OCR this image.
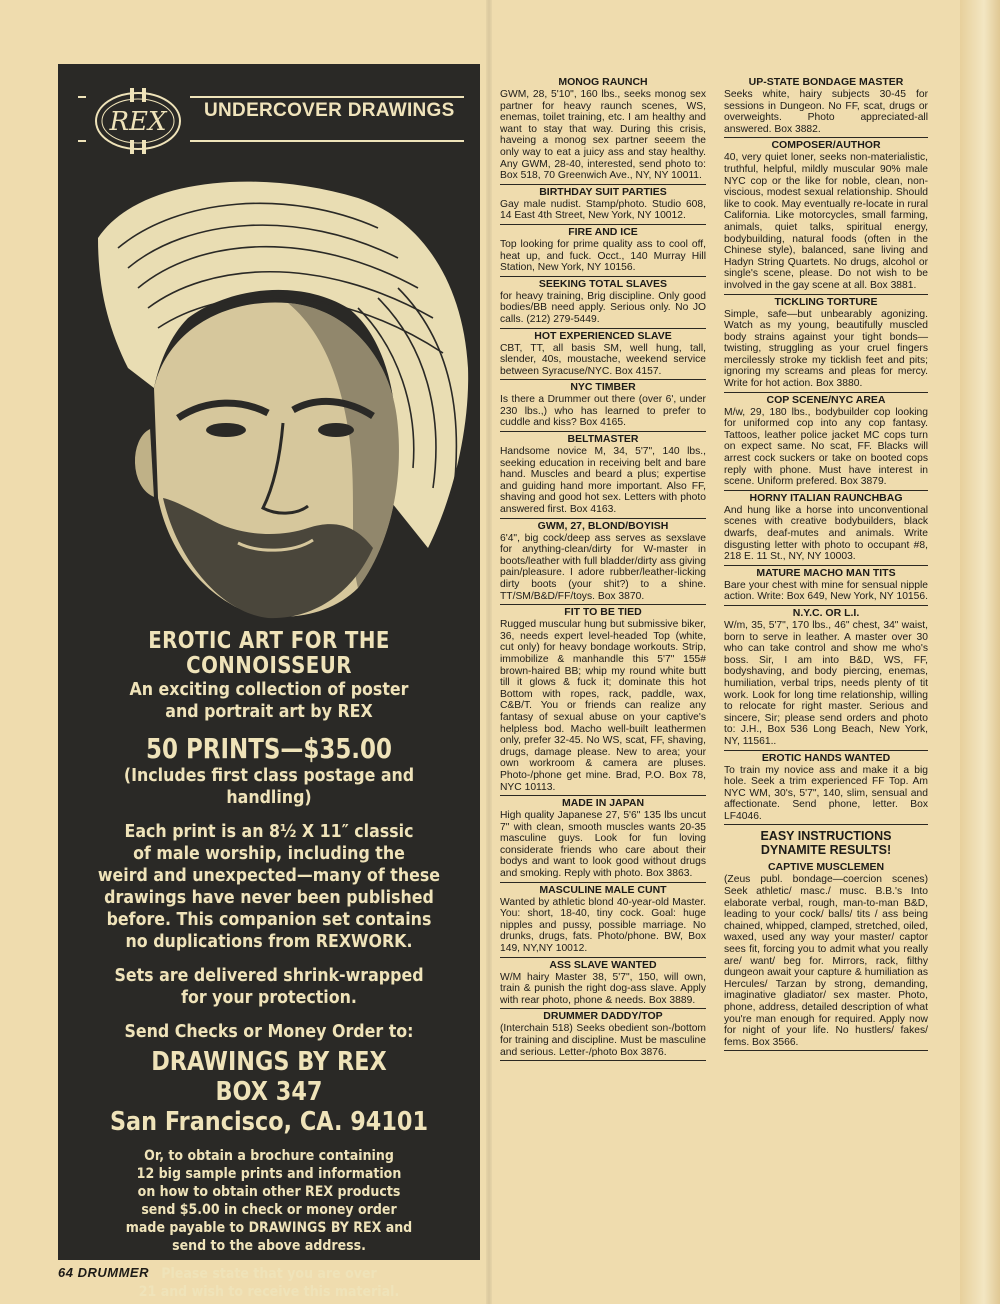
REX UNDERCOVER DRAWINGS

EROTIC ART FOR THE CONNOISSEUR

An exciting collection of poster

and portrait art by REX

50 PRINTS—$35.00

(Includes first class postage and handling)

Each print is an 8½ X 11″ classic

of male worship, including the

weird and unexpected—many of these

drawings have never been published

before. This companion set contains

no duplications from REXWORK.

Sets are delivered shrink-wrapped

for your protection.

Send Checks or Money Order to:

DRAWINGS BY REX

BOX 347

San Francisco, CA. 94101

Or, to obtain a brochure containing

12 big sample prints and information

on how to obtain other REX products

send $5.00 in check or money order

made payable to DRAWINGS BY REX and

send to the above address.

Please state that you are over

21 and wish to receive this material.

64 DRUMMER
MONOG RAUNCH

GWM, 28, 5'10", 160 lbs., seeks monog sex partner for heavy raunch scenes, WS, enemas, toilet training, etc. I am healthy and want to stay that way. During this crisis, haveing a monog sex partner seeem the only way to eat a juicy ass and stay healthy. Any GWM, 28-40, interested, send photo to: Box 518, 70 Greenwich Ave., NY, NY 10011.

BIRTHDAY SUIT PARTIES

Gay male nudist. Stamp/photo. Studio 608, 14 East 4th Street, New York, NY 10012.

FIRE AND ICE

Top looking for prime quality ass to cool off, heat up, and fuck. Occt., 140 Murray Hill Station, New York, NY 10156.

SEEKING TOTAL SLAVES

for heavy training, Brig discipline. Only good bodies/BB need apply. Serious only. No JO calls. (212) 279-5449.

HOT EXPERIENCED SLAVE

CBT, TT, all basis SM, well hung, tall, slender, 40s, moustache, weekend service between Syracuse/NYC. Box 4157.

NYC TIMBER

Is there a Drummer out there (over 6', under 230 lbs.,) who has learned to prefer to cuddle and kiss? Box 4165.

BELTMASTER

Handsome novice M, 34, 5'7", 140 lbs., seeking education in receiving belt and bare hand. Muscles and beard a plus; expertise and guiding hand more important. Also FF, shaving and good hot sex. Letters with photo answered first. Box 4163.

GWM, 27, BLOND/BOYISH

6'4", big cock/deep ass serves as sexslave for anything-clean/dirty for W-master in boots/leather with full bladder/dirty ass giving pain/pleasure. I adore rubber/leather-licking dirty boots (your shit?) to a shine. TT/SM/B&D/FF/toys. Box 3870.

FIT TO BE TIED

Rugged muscular hung but submissive biker, 36, needs expert level-headed Top (white, cut only) for heavy bondage workouts. Strip, immobilize & manhandle this 5'7" 155# brown-haired BB; whip my round white butt till it glows & fuck it; dominate this hot Bottom with ropes, rack, paddle, wax, C&B/T. You or friends can realize any fantasy of sexual abuse on your captive's helpless bod. Macho well-built leathermen only, prefer 32-45. No WS, scat, FF, shaving, drugs, damage please. New to area; your own workroom & camera are pluses. Photo-/phone get mine. Brad, P.O. Box 78, NYC 10113.

MADE IN JAPAN

High quality Japanese 27, 5'6" 135 lbs uncut 7" with clean, smooth muscles wants 20-35 masculine guys. Look for fun loving considerate friends who care about their bodys and want to look good without drugs and smoking. Reply with photo. Box 3863.

MASCULINE MALE CUNT

Wanted by athletic blond 40-year-old Master. You: short, 18-40, tiny cock. Goal: huge nipples and pussy, possible marriage. No drunks, drugs, fats. Photo/phone. BW, Box 149, NY,NY 10012.

ASS SLAVE WANTED

W/M hairy Master 38, 5'7", 150, will own, train & punish the right dog-ass slave. Apply with rear photo, phone & needs. Box 3889.

DRUMMER DADDY/TOP

(Interchain 518) Seeks obedient son-/bottom for training and discipline. Must be masculine and serious. Letter-/photo Box 3876.

UP-STATE BONDAGE MASTER

Seeks white, hairy subjects 30-45 for sessions in Dungeon. No FF, scat, drugs or overweights. Photo appreciated-all answered. Box 3882.

COMPOSER/AUTHOR

40, very quiet loner, seeks non-materialistic, truthful, helpful, mildly muscular 90% male NYC cop or the like for noble, clean, non-viscious, modest sexual relationship. Should like to cook. May eventually re-locate in rural California. Like motorcycles, small farming, animals, quiet talks, spiritual energy, bodybuilding, natural foods (often in the Chinese style), balanced, sane living and Hadyn String Quartets. No drugs, alcohol or single's scene, please. Do not wish to be involved in the gay scene at all. Box 3881.

TICKLING TORTURE

Simple, safe—but unbearably agonizing. Watch as my young, beautifully muscled body strains against your tight bonds—twisting, struggling as your cruel fingers mercilessly stroke my ticklish feet and pits; ignoring my screams and pleas for mercy. Write for hot action. Box 3880.

COP SCENE/NYC AREA

M/w, 29, 180 lbs., bodybuilder cop looking for uniformed cop into any cop fantasy. Tattoos, leather police jacket MC cops turn on expect same. No scat, FF. Blacks will arrest cock suckers or take on booted cops reply with phone. Must have interest in scene. Uniform prefered. Box 3879.

HORNY ITALIAN RAUNCHBAG

And hung like a horse into unconventional scenes with creative bodybuilders, black dwarfs, deaf-mutes and animals. Write disgusting letter with photo to occupant #8, 218 E. 11 St., NY, NY 10003.

MATURE MACHO MAN TITS

Bare your chest with mine for sensual nipple action. Write: Box 649, New York, NY 10156.

N.Y.C. OR L.I.

W/m, 35, 5'7", 170 lbs., 46" chest, 34" waist, born to serve in leather. A master over 30 who can take control and show me who's boss. Sir, I am into B&D, WS, FF, bodyshaving, and body piercing, enemas, humiliation, verbal trips, needs plenty of tit work. Look for long time relationship, willing to relocate for right master. Serious and sincere, Sir; please send orders and photo to: J.H., Box 536 Long Beach, New York, NY, 11561..

EROTIC HANDS WANTED

To train my novice ass and make it a big hole. Seek a trim experienced FF Top. Am NYC WM, 30's, 5'7", 140, slim, sensual and affectionate. Send phone, letter. Box LF4046.

EASY INSTRUCTIONS
DYNAMITE RESULTS!
CAPTIVE MUSCLEMEN

(Zeus publ. bondage—coercion scenes) Seek athletic/ masc./ musc. B.B.'s Into elaborate verbal, rough, man-to-man B&D, leading to your cock/ balls/ tits / ass being chained, whipped, clamped, stretched, oiled, waxed, used any way your master/ captor sees fit, forcing you to admit what you really are/ want/ beg for. Mirrors, rack, filthy dungeon await your capture & humiliation as Hercules/ Tarzan by strong, demanding, imaginative gladiator/ sex master. Photo, phone, address, detailed description of what you're man enough for required. Apply now for night of your life. No hustlers/ fakes/ fems. Box 3566.
